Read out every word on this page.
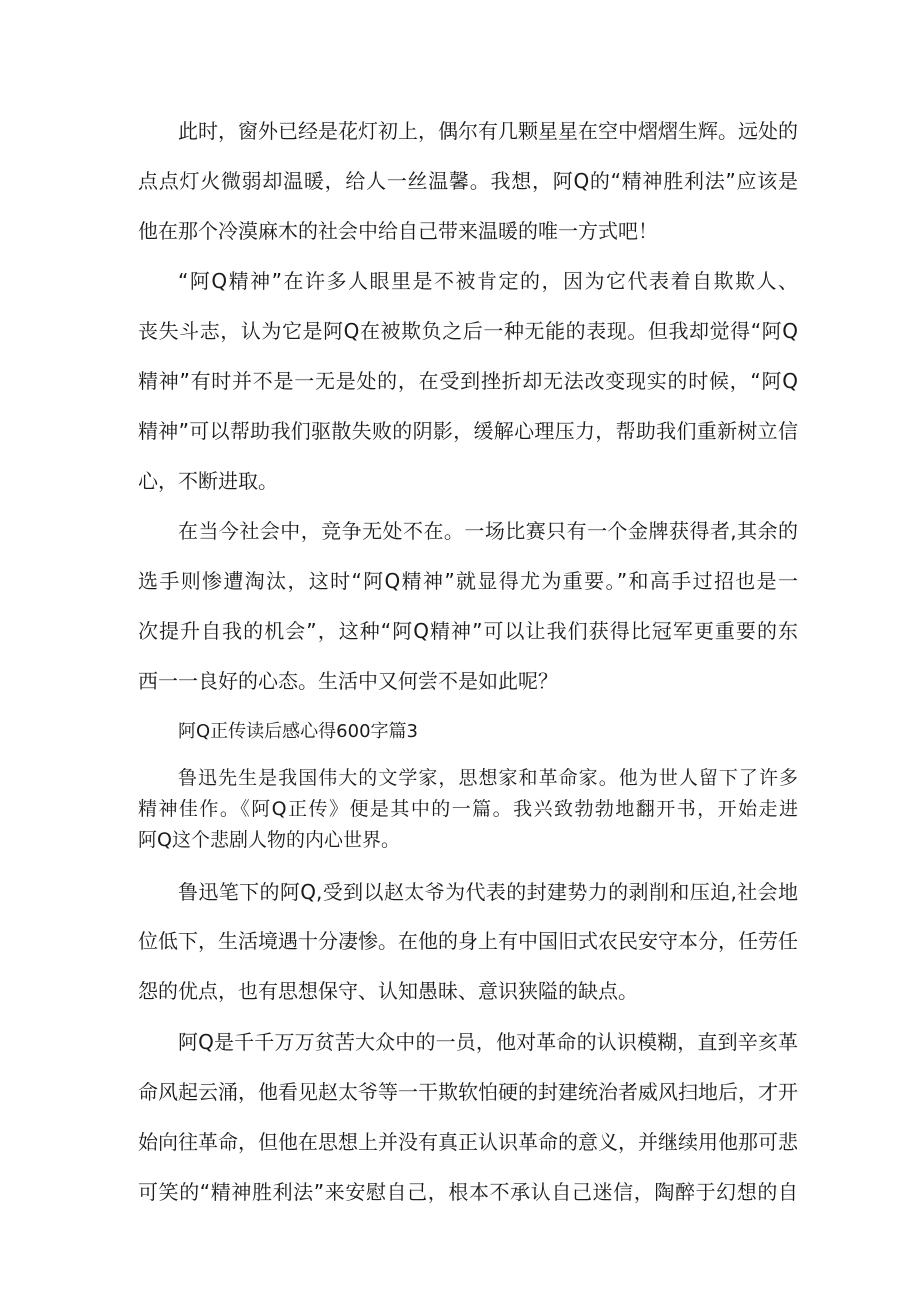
此时，窗外已经是花灯初上，偶尔有几颗星星在空中熠熠生辉。远处的
点点灯火微弱却温暖，给人一丝温馨。我想，阿Q的“精神胜利法”应该是
他在那个冷漠麻木的社会中给自己带来温暖的唯一方式吧！
“阿Q精神”在许多人眼里是不被肯定的，因为它代表着自欺欺人、
丧失斗志，认为它是阿Q在被欺负之后一种无能的表现。但我却觉得“阿Q
精神”有时并不是一无是处的，在受到挫折却无法改变现实的时候，“阿Q
精神”可以帮助我们驱散失败的阴影，缓解心理压力，帮助我们重新树立信
心，不断进取。
在当今社会中，竞争无处不在。一场比赛只有一个金牌获得者,其余的
选手则惨遭淘汰，这时“阿Q精神”就显得尤为重要。”和高手过招也是一
次提升自我的机会”，这种“阿Q精神”可以让我们获得比冠军更重要的东
西一一良好的心态。生活中又何尝不是如此呢？
阿Q正传读后感心得600字篇3
鲁迅先生是我国伟大的文学家，思想家和革命家。他为世人留下了许多
精神佳作。《阿Q正传》便是其中的一篇。我兴致勃勃地翻开书，开始走进
阿Q这个悲剧人物的内心世界。
鲁迅笔下的阿Q,受到以赵太爷为代表的封建势力的剥削和压迫,社会地
位低下，生活境遇十分凄惨。在他的身上有中国旧式农民安守本分，任劳任
怨的优点，也有思想保守、认知愚昧、意识狭隘的缺点。
阿Q是千千万万贫苦大众中的一员，他对革命的认识模糊，直到辛亥革
命风起云涌，他看见赵太爷等一干欺软怕硬的封建统治者威风扫地后，才开
始向往革命，但他在思想上并没有真正认识革命的意义，并继续用他那可悲
可笑的“精神胜利法”来安慰自己，根本不承认自己迷信，陶醉于幻想的自
